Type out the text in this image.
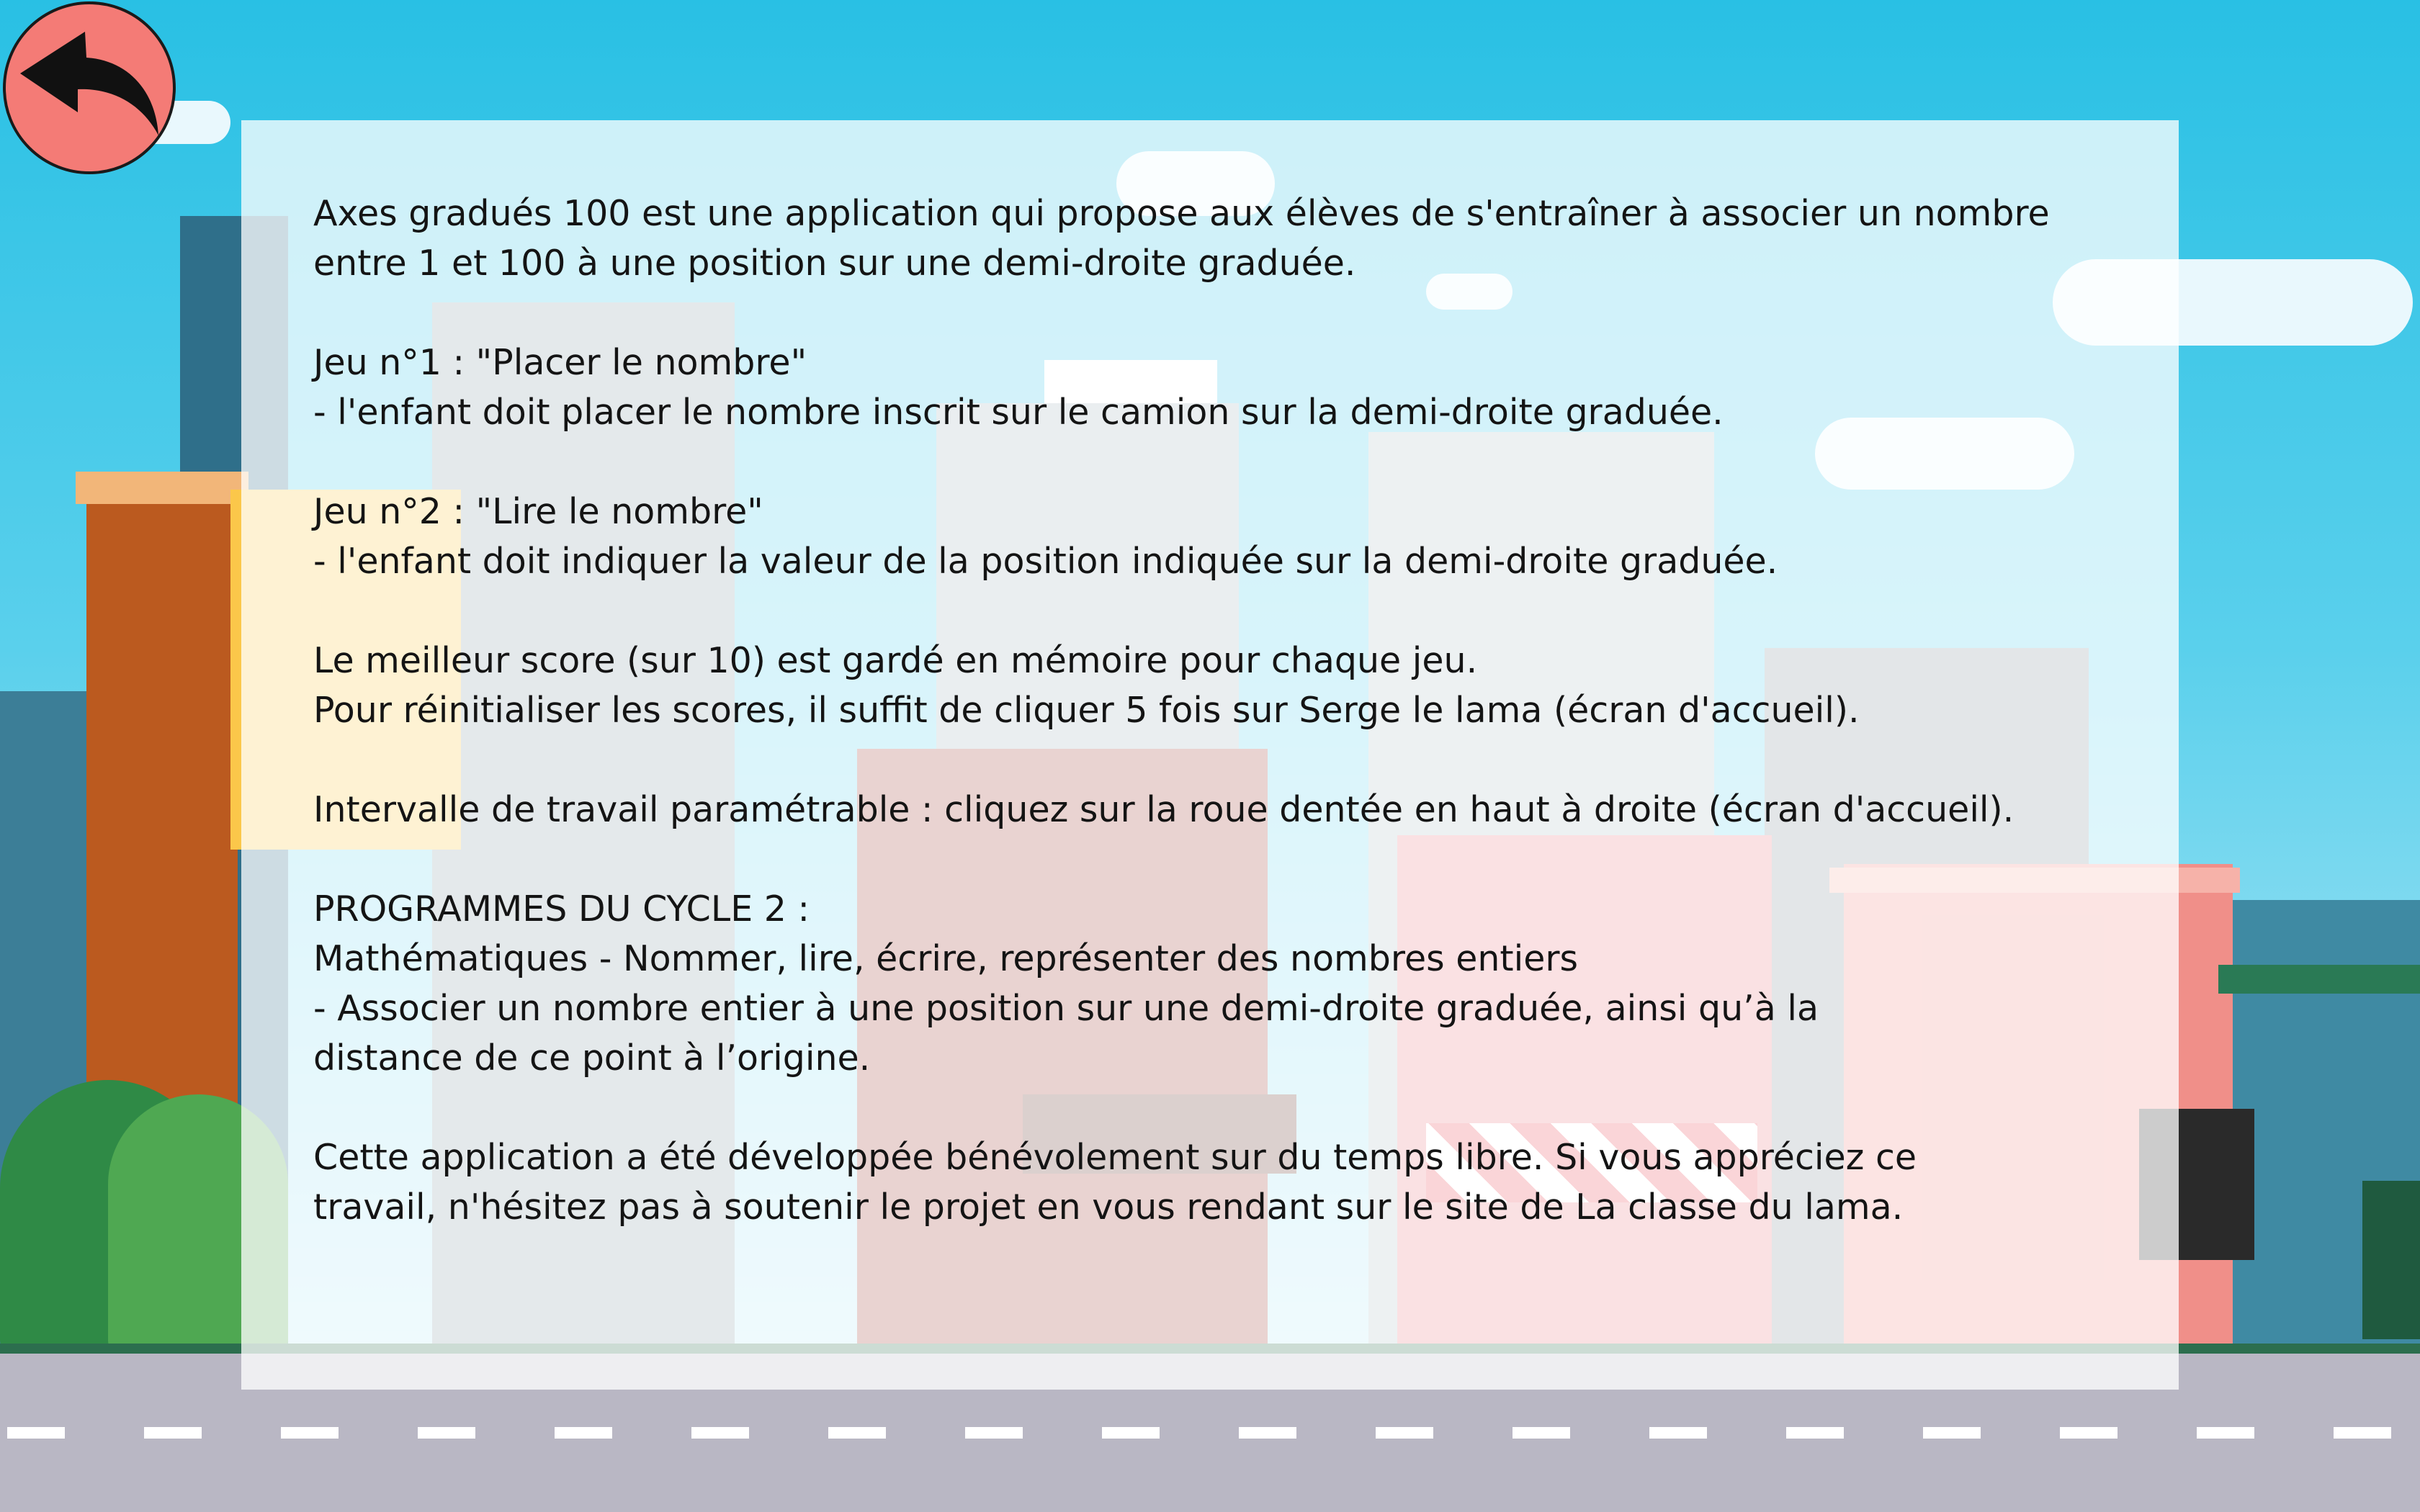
Axes gradués 100 est une application qui propose aux élèves de s'entraîner à associer un nombre
entre 1 et 100 à une position sur une demi-droite graduée.

Jeu n°1 : "Placer le nombre"
- l'enfant doit placer le nombre inscrit sur le camion sur la demi-droite graduée.

Jeu n°2 : "Lire le nombre"
- l'enfant doit indiquer la valeur de la position indiquée sur la demi-droite graduée.

Le meilleur score (sur 10) est gardé en mémoire pour chaque jeu.
Pour réinitialiser les scores, il suffit de cliquer 5 fois sur Serge le lama (écran d'accueil).

Intervalle de travail paramétrable : cliquez sur la roue dentée en haut à droite (écran d'accueil).

PROGRAMMES DU CYCLE 2 :
Mathématiques - Nommer, lire, écrire, représenter des nombres entiers
- Associer un nombre entier à une position sur une demi-droite graduée, ainsi qu’à la
distance de ce point à l’origine.

Cette application a été développée bénévolement sur du temps libre. Si vous appréciez ce
travail, n'hésitez pas à soutenir le projet en vous rendant sur le site de La classe du lama.
